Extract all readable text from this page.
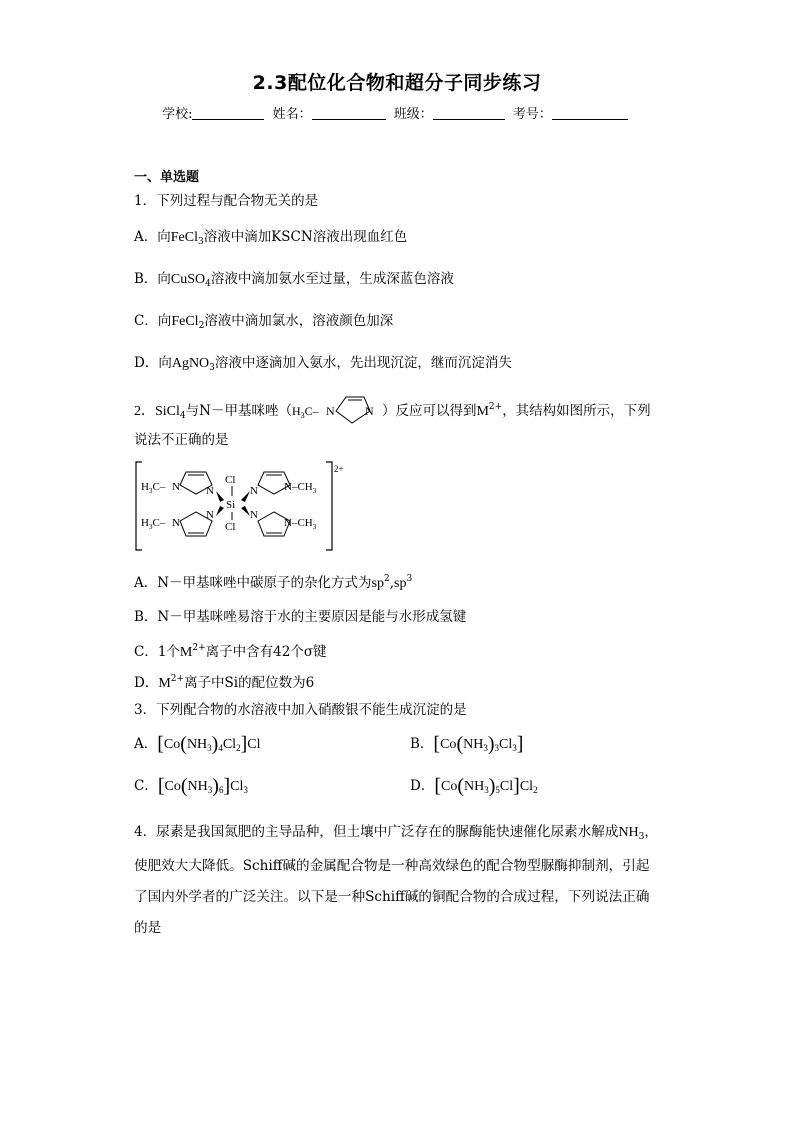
2.3配位化合物和超分子同步练习
学校:	姓名：	班级：	考号：
一、单选题
1．下列过程与配合物无关的是
A．向FeCl$_3$溶液中滴加KSCN溶液出现血红色
B．向CuSO$_4$溶液中滴加氨水至过量，生成深蓝色溶液
C．向FeCl$_2$溶液中滴加氯水，溶液颜色加深
D．向AgNO$_3$溶液中逐滴加入氨水，先出现沉淀，继而沉淀消失
2．SiCl$_4$与N－甲基咪唑（ $H_3C-$ N	N ）反应可以得到$M^{2+}$，其结构如图所示，下列
说法不正确的是
2+
$H_3C-$ N N
$H_3C-$ N
N
Cl
Si
Cl
N $N-CH_3$
N
$N-CH_3$
A．N－甲基咪唑中碳原子的杂化方式为$sp^2,sp^3$
B．N－甲基咪唑易溶于水的主要原因是能与水形成氢键
C．1个$M^{2+}$离子中含有42个σ键
D．$M^{2+}$离子中Si的配位数为6
3．下列配合物的水溶液中加入硝酸银不能生成沉淀的是
A．$[Co(NH_3)_4Cl_2]Cl$	B．$[Co(NH_3)_3Cl_3]$
C．$[Co(NH_3)_6]Cl_3$	D．$[Co(NH_3)_5Cl]Cl_2$
4．尿素是我国氮肥的主导品种，但土壤中广泛存在的脲酶能快速催化尿素水解成$NH_3$，
使肥效大大降低。Schiff碱的金属配合物是一种高效绿色的配合物型脲酶抑制剂，引起
了国内外学者的广泛关注。以下是一种Schiff碱的铜配合物的合成过程，下列说法正确
的是
